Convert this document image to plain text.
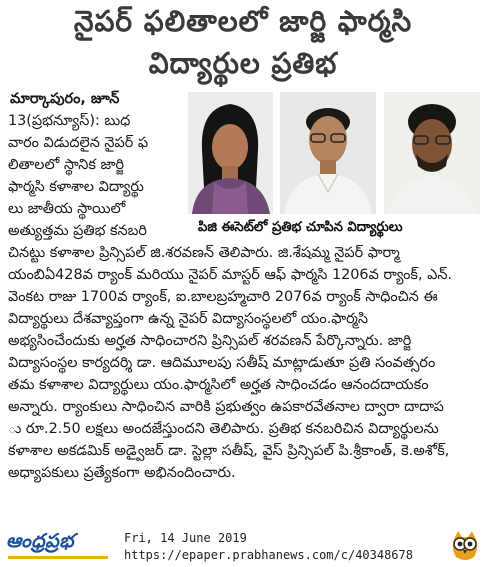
నైపర్ ఫలితాలలో జార్జి ఫార్మసి
విద్యార్థుల ప్రతిభ
మార్కాపురం, జూన్
13(ప్రభన్యూస్): బుధ
వారం విడుదలైన నైపర్ ఫ
లితాలలో స్థానిక జార్జి
ఫార్మసి కళాశాల విద్యార్థు
లు జాతీయ స్థాయిలో
అత్యుత్తమ ప్రతిభ కనబరి	పిజి ఈసెట్‌లో ప్రతిభ చూపిన విద్యార్థులు
చినట్టు కళాశాల ప్రిన్సిపల్ జి.శరవణన్ తెలిపారు. జి.శేషమ్మ నైపర్ ఫార్మా
యంబిఏ428వ ర్యాంక్ మరియు నైపర్ మాస్టర్ ఆఫ్ ఫార్మసి 1206వ ర్యాంక్, ఎన్.
వెంకట రాజు 1700వ ర్యాంక్, ఐ.బాలబ్రహ్మచారి 2076వ ర్యాంక్ సాధించిన ఈ
విద్యార్థులు దేశవ్యాప్తంగా ఉన్న నైపర్ విద్యాసంస్థలలో యం.ఫార్మసి
అభ్యసించేందుకు అర్హత సాధించారని ప్రిన్సిపల్ శరవణన్ పేర్కొన్నారు. జార్జి
విద్యాసంస్థల కార్యదర్శి డా. ఆదిమూలపు సతీష్ మాట్లాడుతూ ప్రతి సంవత్సరం
తమ కళాశాల విద్యార్థులు యం.ఫార్మసిలో అర్హత సాధించడం ఆనందదాయకం
అన్నారు. ర్యాంకులు సాధించిన వారికి ప్రభుత్వం ఉపకారవేతనాల ద్వారా దాదాప
ు రూ.2.50 లక్షలు అందజేస్తుందని తెలిపారు. ప్రతిభ కనబరిచిన విద్యార్థులను
కళాశాల అకడమిక్ అడ్వైజర్ డా. స్టెల్లా సతీష్, వైస్ ప్రిన్సిపల్ పి.శ్రీకాంత్, కె.అశోక్,
అధ్యాపకులు ప్రత్యేకంగా అభినందించారు.
ఆంధ్రప్రభ	Fri, 14 June 2019
https://epaper.prabhanews.com/c/40348678
